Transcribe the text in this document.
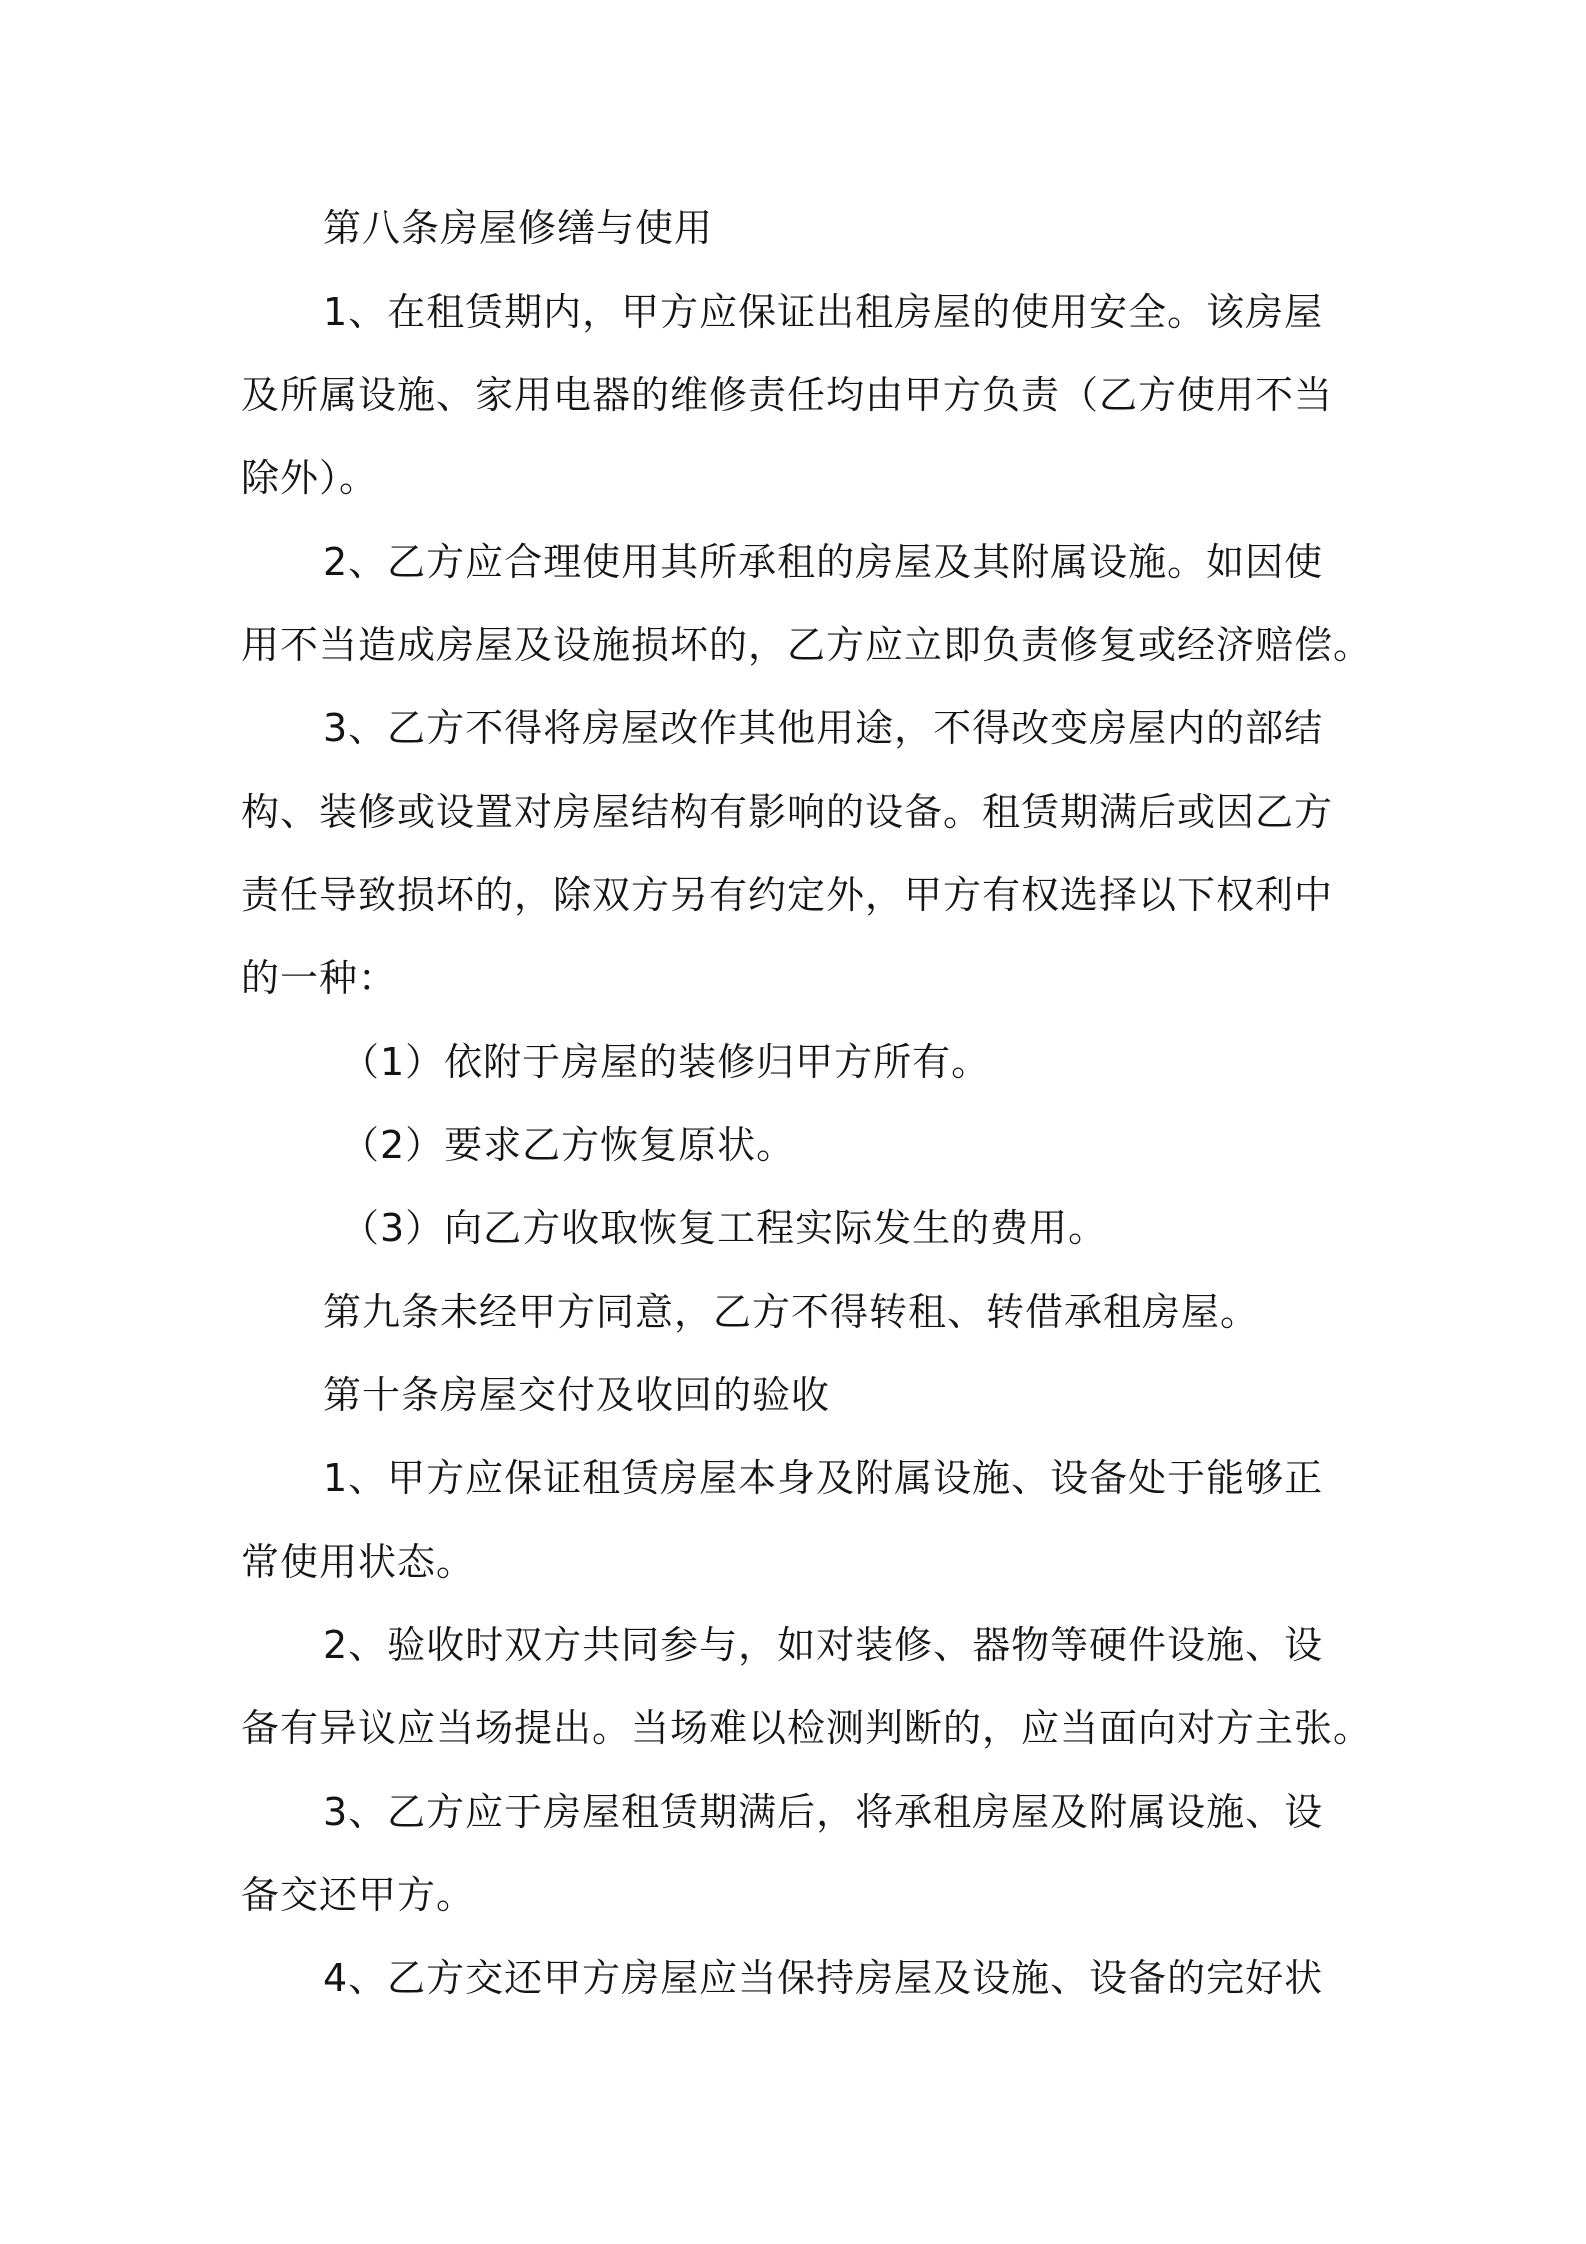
第八条房屋修缮与使用

1、在租赁期内，甲方应保证出租房屋的使用安全。该房屋

及所属设施、家用电器的维修责任均由甲方负责（乙方使用不当

除外）。

2、乙方应合理使用其所承租的房屋及其附属设施。如因使

用不当造成房屋及设施损坏的，乙方应立即负责修复或经济赔偿。

3、乙方不得将房屋改作其他用途，不得改变房屋内的部结

构、装修或设置对房屋结构有影响的设备。租赁期满后或因乙方

责任导致损坏的，除双方另有约定外，甲方有权选择以下权利中

的一种：

（1）依附于房屋的装修归甲方所有。

（2）要求乙方恢复原状。

（3）向乙方收取恢复工程实际发生的费用。

第九条未经甲方同意，乙方不得转租、转借承租房屋。

第十条房屋交付及收回的验收

1、甲方应保证租赁房屋本身及附属设施、设备处于能够正

常使用状态。

2、验收时双方共同参与，如对装修、器物等硬件设施、设

备有异议应当场提出。当场难以检测判断的，应当面向对方主张。

3、乙方应于房屋租赁期满后，将承租房屋及附属设施、设

备交还甲方。

4、乙方交还甲方房屋应当保持房屋及设施、设备的完好状
